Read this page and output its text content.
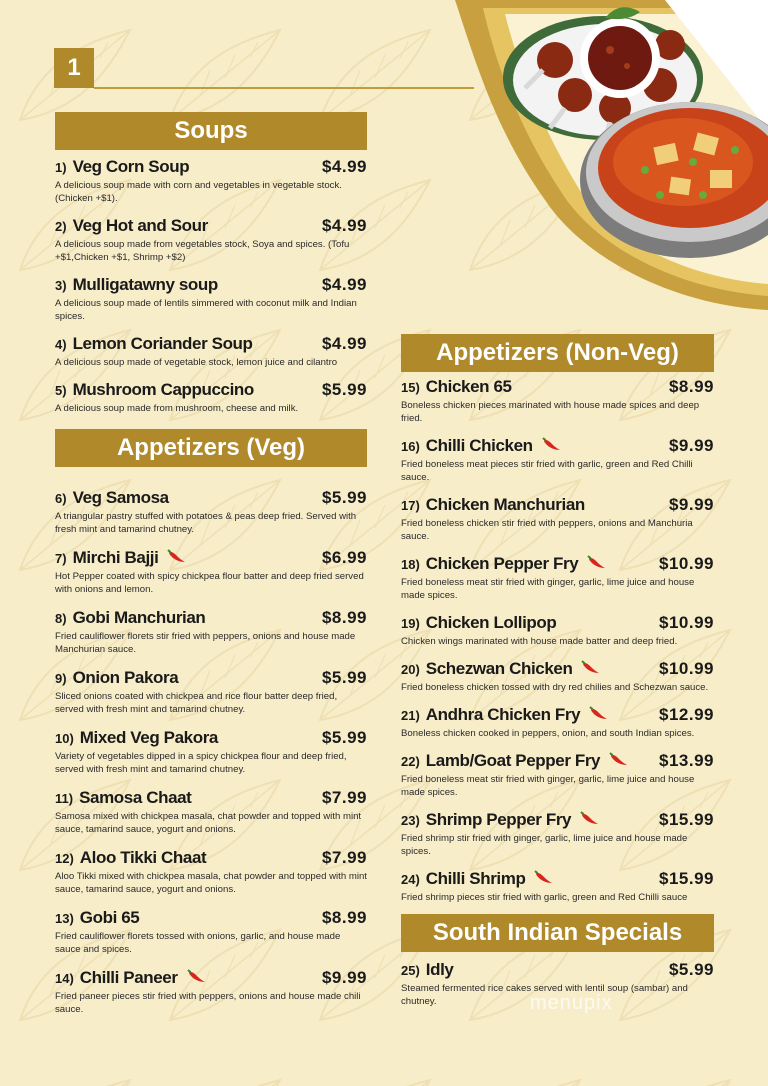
1
Soups
1) Veg Corn Soup	$4.99
A delicious soup made with corn and vegetables in vegetable stock. (Chicken +$1).
2) Veg Hot and Sour	$4.99
A delicious soup made from vegetables stock, Soya and spices. (Tofu +$1,Chicken +$1, Shrimp +$2)
3) Mulligatawny soup	$4.99
A delicious soup made of lentils simmered with coconut milk and Indian spices.
4) Lemon Coriander Soup	$4.99
A delicious soup made of vegetable stock, lemon juice and cilantro
5) Mushroom Cappuccino	$5.99
A delicious soup made from mushroom, cheese and milk.
Appetizers (Veg)
6) Veg Samosa	$5.99
A triangular pastry stuffed with potatoes & peas deep fried. Served with fresh mint and tamarind chutney.
7) Mirchi Bajji	$6.99
Hot Pepper coated with spicy chickpea flour batter and deep fried served with onions and lemon.
8) Gobi Manchurian	$8.99
Fried cauliflower florets stir fried with peppers, onions and house made Manchurian sauce.
9) Onion Pakora	$5.99
Sliced onions coated with chickpea and rice flour batter deep fried, served with fresh mint and tamarind chutney.
10) Mixed Veg Pakora	$5.99
Variety of vegetables dipped in a spicy chickpea flour and deep fried, served with fresh mint and tamarind chutney.
11) Samosa Chaat	$7.99
Samosa mixed with chickpea masala, chat powder and topped with mint sauce, tamarind sauce, yogurt and onions.
12) Aloo Tikki Chaat	$7.99
Aloo Tikki mixed with chickpea masala, chat powder and topped with mint sauce, tamarind sauce, yogurt and onions.
13) Gobi 65	$8.99
Fried cauliflower florets tossed with onions, garlic, and house made sauce and spices.
14) Chilli Paneer	$9.99
Fried paneer pieces stir fried with peppers, onions and house made chili sauce.
Appetizers (Non-Veg)
15) Chicken 65	$8.99
Boneless chicken pieces marinated with house made spices and deep fried.
16) Chilli Chicken	$9.99
Fried boneless meat pieces stir fried with garlic, green and Red Chilli sauce.
17) Chicken Manchurian	$9.99
Fried boneless chicken stir fried with peppers, onions and Manchuria sauce.
18) Chicken Pepper Fry	$10.99
Fried boneless meat stir fried with ginger, garlic, lime juice and house made spices.
19) Chicken Lollipop	$10.99
Chicken wings marinated with house made batter and deep fried.
20) Schezwan Chicken	$10.99
Fried boneless chicken tossed with dry red chilies and Schezwan sauce.
21) Andhra Chicken Fry	$12.99
Boneless chicken cooked in peppers, onion, and south Indian spices.
22) Lamb/Goat Pepper Fry	$13.99
Fried boneless meat stir fried with ginger, garlic, lime juice and house made spices.
23) Shrimp Pepper Fry	$15.99
Fried shrimp stir fried with ginger, garlic, lime juice and house made spices.
24) Chilli Shrimp	$15.99
Fried shrimp pieces stir fried with garlic, green and Red Chilli sauce
South Indian Specials
25) Idly	$5.99
Steamed fermented rice cakes served with lentil soup (sambar) and chutney.	menupix
